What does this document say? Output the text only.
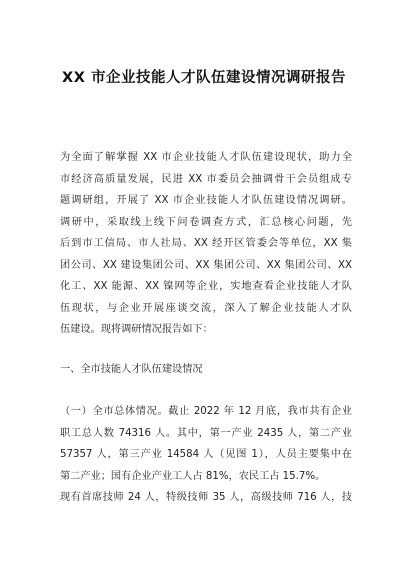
XX 市企业技能人才队伍建设情况调研报告
为全面了解掌握 XX 市企业技能人才队伍建设现状，助力全
市经济高质量发展，民进 XX 市委员会抽调骨干会员组成专
题调研组，开展了 XX 市企业技能人才队伍建设情况调研。
调研中，采取线上线下问卷调查方式，汇总核心问题，先
后到市工信局、市人社局、XX 经开区管委会等单位，XX 集
团公司、XX 建设集团公司、XX 集团公司、XX 集团公司、XX
化工、XX 能源、XX 镍网等企业，实地查看企业技能人才队
伍现状，与企业开展座谈交流，深入了解企业技能人才队
伍建设。现将调研情况报告如下：
一、全市技能人才队伍建设情况
（一）全市总体情况。截止 2022 年 12 月底，我市共有企业
职工总人数 74316 人。其中，第一产业 2435 人，第二产业
57357 人，第三产业 14584 人（见图 1），人员主要集中在
第二产业；国有企业产业工人占 81%，农民工占 15.7%。
现有首席技师 24 人，特级技师 35 人，高级技师 716 人，技
